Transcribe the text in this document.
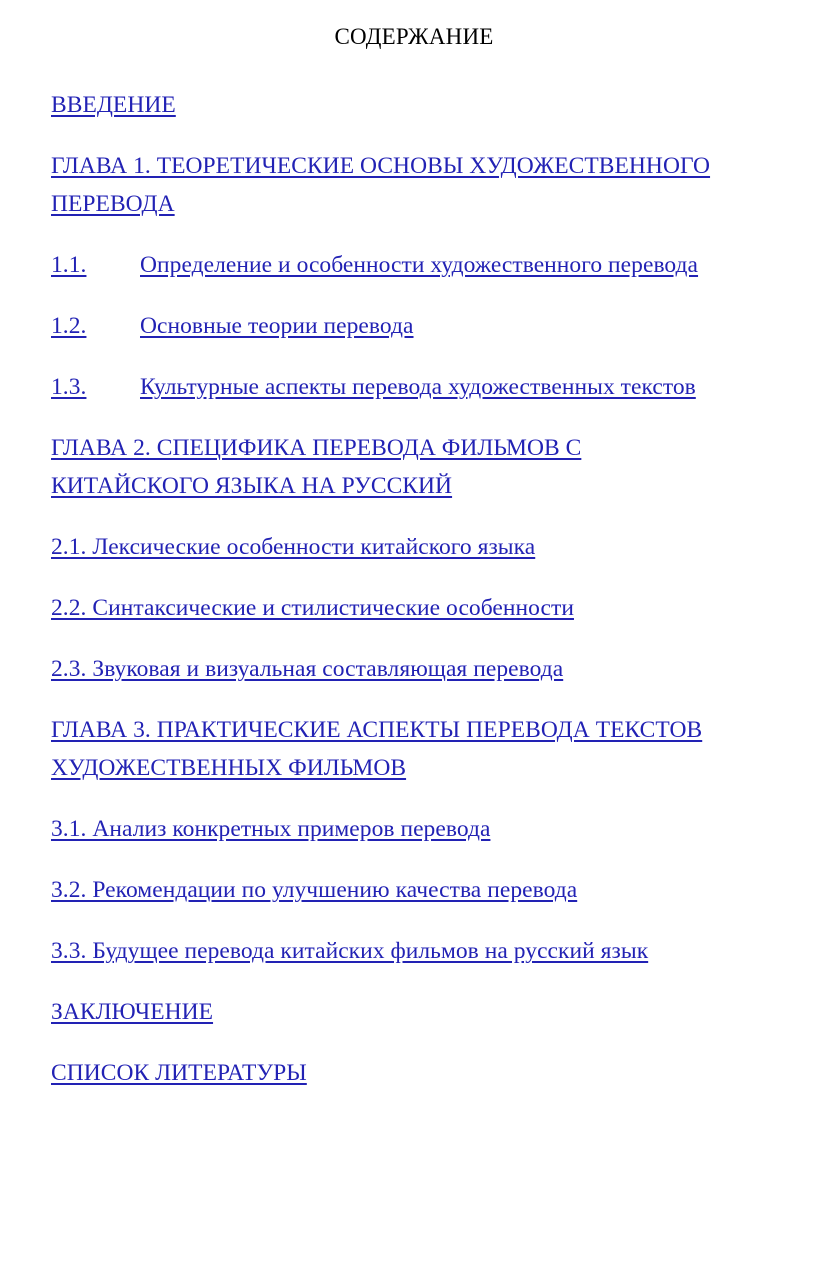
СОДЕРЖАНИЕ
ВВЕДЕНИЕ
ГЛАВА 1. ТЕОРЕТИЧЕСКИЕ ОСНОВЫ ХУДОЖЕСТВЕННОГО ПЕРЕВОДА
1.1. Определение и особенности художественного перевода
1.2. Основные теории перевода
1.3. Культурные аспекты перевода художественных текстов
ГЛАВА 2. СПЕЦИФИКА ПЕРЕВОДА ФИЛЬМОВ С КИТАЙСКОГО ЯЗЫКА НА РУССКИЙ
2.1. Лексические особенности китайского языка
2.2. Синтаксические и стилистические особенности
2.3. Звуковая и визуальная составляющая перевода
ГЛАВА 3. ПРАКТИЧЕСКИЕ АСПЕКТЫ ПЕРЕВОДА ТЕКСТОВ ХУДОЖЕСТВЕННЫХ ФИЛЬМОВ
3.1. Анализ конкретных примеров перевода
3.2. Рекомендации по улучшению качества перевода
3.3. Будущее перевода китайских фильмов на русский язык
ЗАКЛЮЧЕНИЕ
СПИСОК ЛИТЕРАТУРЫ
